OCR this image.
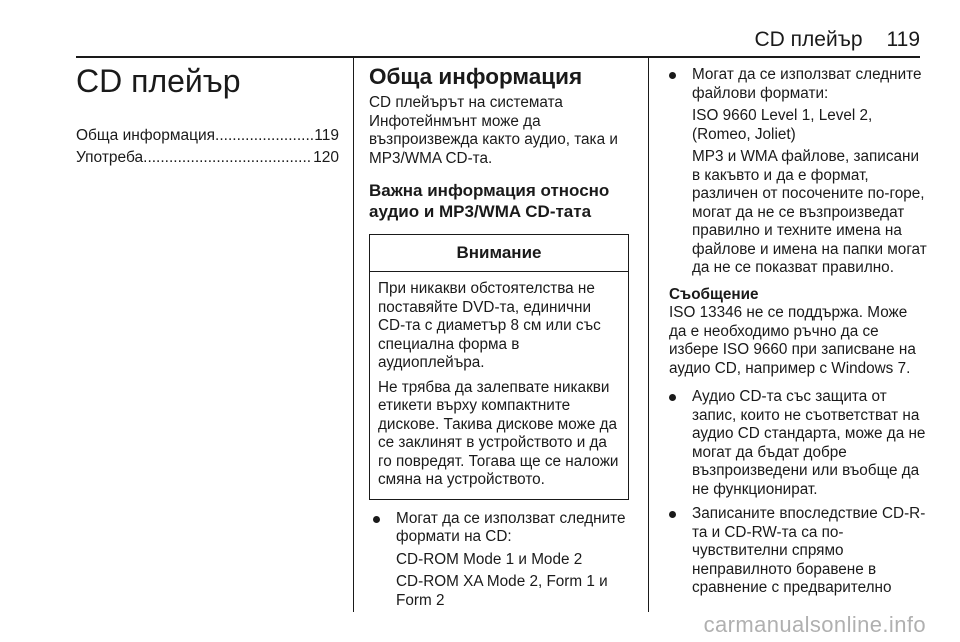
CD плейър 119
CD плейър
Обща информация .....	119
Употреба .....	120
Обща информация

CD плейърът на системата Инфотейнмънт може да възпроизвежда както аудио, така и MP3/WMA CD-та.

Важна информация относно аудио и MP3/WMA CD-тата
Внимание

При никакви обстоятелства не поставяйте DVD-та, единични CD-та с диаметър 8 см или със специална форма в аудиоплейъра.

Не трябва да залепвате никакви етикети върху компактните дискове. Такива дискове може да се заклинят в устройството и да го повредят. Тогава ще се наложи смяна на устройството.

Могат да се използват следните формати на CD:

CD-ROM Mode 1 и Mode 2

CD-ROM XA Mode 2, Form 1 и Form 2

Могат да се използват следните файлови формати:

ISO 9660 Level 1, Level 2, (Romeo, Joliet)

MP3 и WMA файлове, записани в какъвто и да е формат, различен от посочените по-горе, могат да не се възпроизведат правилно и техните имена на файлове и имена на папки могат да не се показват правилно.

Съобщение

ISO 13346 не се поддържа. Може да е необходимо ръчно да се избере ISO 9660 при записване на аудио CD, например с Windows 7.

Аудио CD-та със защита от запис, които не съответстват на аудио CD стандарта, може да не могат да бъдат добре възпроизведени или въобще да не функционират.

Записаните впоследствие CD-R-та и CD-RW-та са по-чувствителни спрямо неправилното боравене в сравнение с предварително

carmanualsonline.info
